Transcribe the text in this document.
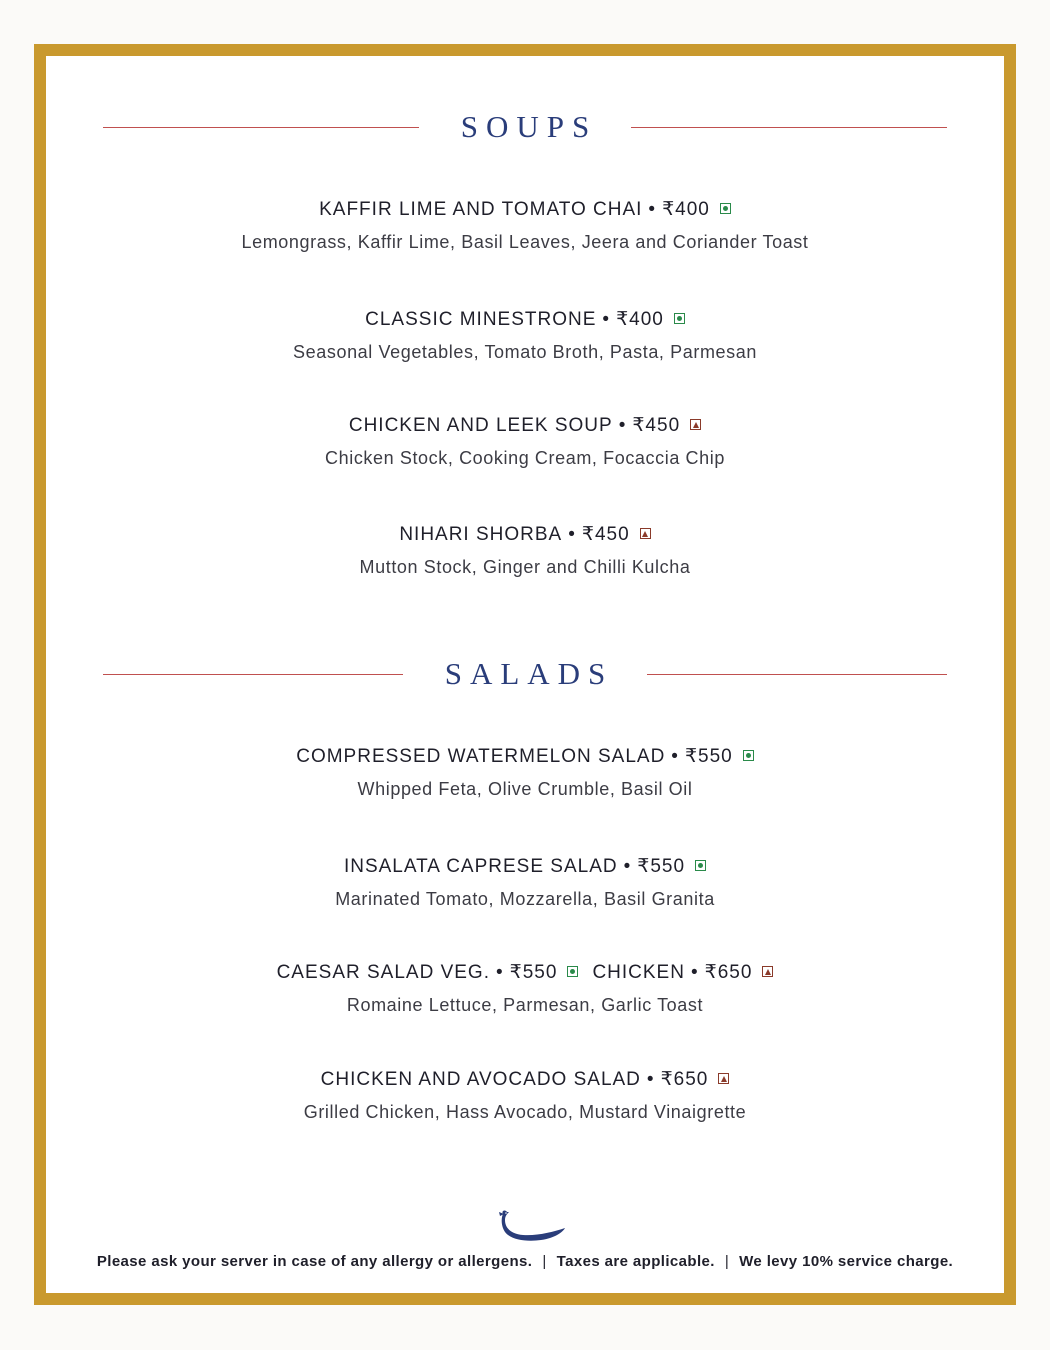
SOUPS
KAFFIR LIME AND TOMATO CHAI • ₹400
Lemongrass, Kaffir Lime, Basil Leaves, Jeera and Coriander Toast
CLASSIC MINESTRONE • ₹400
Seasonal Vegetables, Tomato Broth, Pasta, Parmesan
CHICKEN AND LEEK SOUP • ₹450
Chicken Stock, Cooking Cream, Focaccia Chip
NIHARI SHORBA • ₹450
Mutton Stock, Ginger and Chilli Kulcha
SALADS
COMPRESSED WATERMELON SALAD • ₹550
Whipped Feta, Olive Crumble, Basil Oil
INSALATA CAPRESE SALAD • ₹550
Marinated Tomato, Mozzarella, Basil Granita
CAESAR SALAD VEG. • ₹550 CHICKEN • ₹650
Romaine Lettuce, Parmesan, Garlic Toast
CHICKEN AND AVOCADO SALAD • ₹650
Grilled Chicken, Hass Avocado, Mustard Vinaigrette
Please ask your server in case of any allergy or allergens. | Taxes are applicable. | We levy 10% service charge.
